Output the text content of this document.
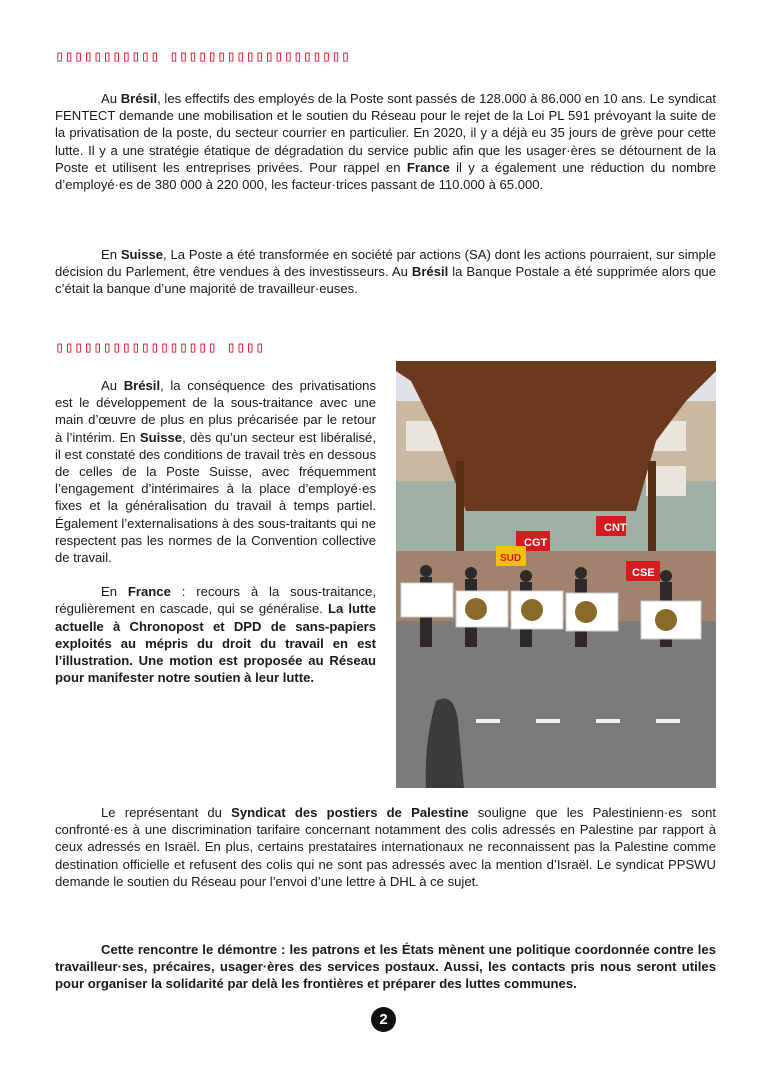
▯▯▯▯▯▯▯▯▯▯▯ ▯▯▯▯▯▯▯▯▯▯▯▯▯▯▯▯▯▯▯

Au Brésil, les effectifs des employés de la Poste sont passés de 128.000 à 86.000 en 10 ans. Le syndicat FENTECT demande une mobilisation et le soutien du Réseau pour le rejet de la Loi PL 591 prévoyant la suite de la privatisation de la poste, du secteur courrier en particulier. En 2020, il y a déjà eu 35 jours de grève pour cette lutte. Il y a une stratégie étatique de dégradation du service public afin que les usager·ères se détournent de la Poste et utilisent les entreprises privées. Pour rappel en France il y a également une réduction du nombre d’employé·es de 380 000 à 220 000, les facteur·trices passant de 110.000 à 65.000.

En Suisse, La Poste a été transformée en société par actions (SA) dont les actions pourraient, sur simple décision du Parlement, être vendues à des investisseurs. Au Brésil la Banque Postale a été supprimée alors que c’était la banque d’une majorité de travailleur·euses.

▯▯▯▯▯▯▯▯▯▯▯▯▯▯▯▯▯ ▯▯▯▯

Au Brésil, la conséquence des privatisations est le développement de la sous-traitance avec une main d’œuvre de plus en plus précarisée par le retour à l’intérim. En Suisse, dès qu’un secteur est libéralisé, il est constaté des conditions de travail très en dessous de celles de la Poste Suisse, avec fréquemment l’engagement d’intérimaires à la place d’employé·es fixes et la généralisation du travail à temps partiel. Également l’externalisations à des sous-traitants qui ne respectent pas les normes de la Convention collective de travail.

En France : recours à la sous-traitance, régulièrement en cascade, qui se généralise. La lutte actuelle à Chronopost et DPD de sans-papiers exploités au mépris du droit du travail en est l’illustration. Une motion est proposée au Réseau pour manifester notre soutien à leur lutte.

CNT
CGT
SUD
CSE

Le représentant du Syndicat des postiers de Palestine souligne que les Palestinienn·es sont confronté·es à une discrimination tarifaire concernant notamment des colis adressés en Palestine par rapport à ceux adressés en Israël. En plus, certains prestataires internationaux ne reconnaissent pas la Palestine comme destination officielle et refusent des colis qui ne sont pas adressés avec la mention d’Israël. Le syndicat PPSWU demande le soutien du Réseau pour l’envoi d’une lettre à DHL à ce sujet.

Cette rencontre le démontre : les patrons et les États mènent une politique coordonnée contre les travailleur·ses, précaires, usager·ères des services postaux. Aussi, les contacts pris nous seront utiles pour organiser la solidarité par delà les frontières et préparer des luttes communes.

2
